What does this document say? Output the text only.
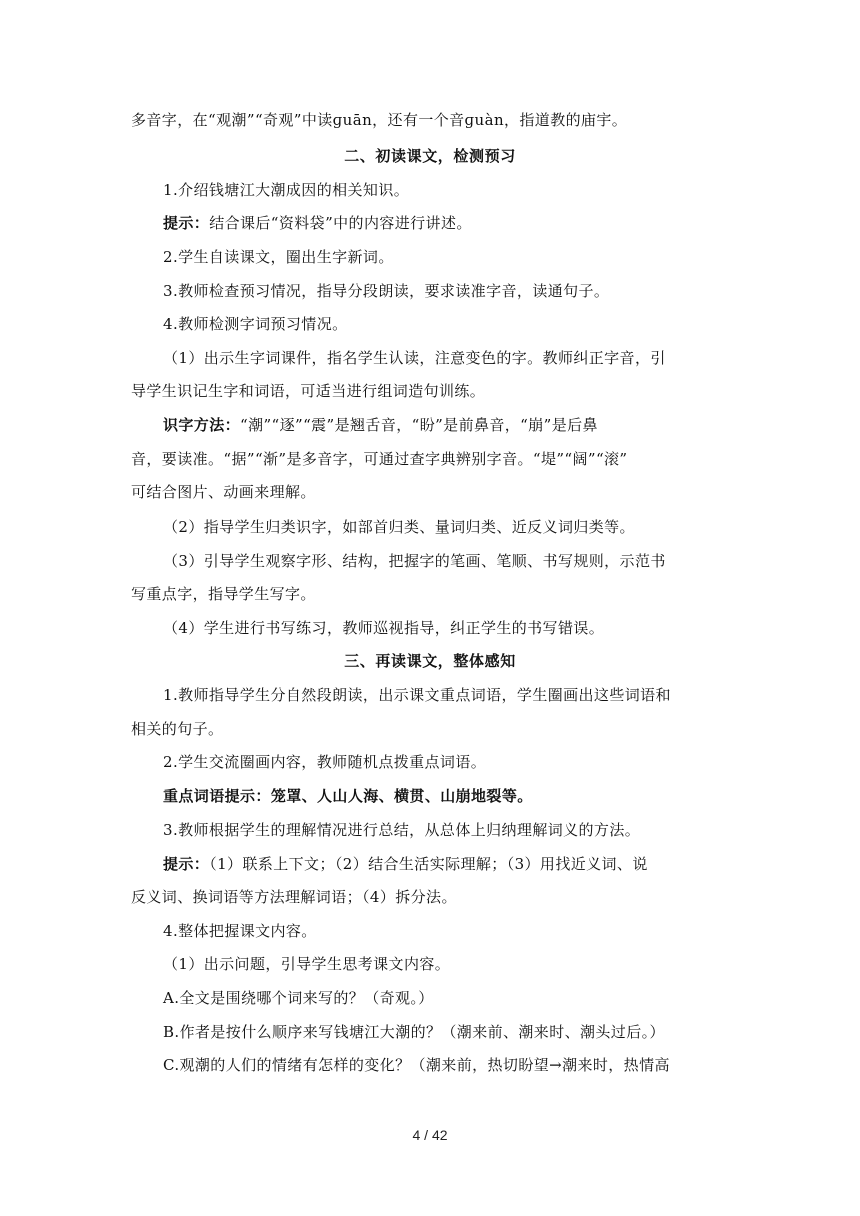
多音字，在“观潮”“奇观”中读ɡuān，还有一个音ɡuàn，指道教的庙宇。
二、初读课文，检测预习
1.介绍钱塘江大潮成因的相关知识。
提示：结合课后“资料袋”中的内容进行讲述。
2.学生自读课文，圈出生字新词。
3.教师检查预习情况，指导分段朗读，要求读准字音，读通句子。
4.教师检测字词预习情况。
（1）出示生字词课件，指名学生认读，注意变色的字。教师纠正字音，引
导学生识记生字和词语，可适当进行组词造句训练。
识字方法：“潮”“逐”“震”是翘舌音，“盼”是前鼻音，“崩”是后鼻
音，要读准。“据”“渐”是多音字，可通过查字典辨别字音。“堤”“阔”“滚”
可结合图片、动画来理解。
（2）指导学生归类识字，如部首归类、量词归类、近反义词归类等。
（3）引导学生观察字形、结构，把握字的笔画、笔顺、书写规则，示范书
写重点字，指导学生写字。
（4）学生进行书写练习，教师巡视指导，纠正学生的书写错误。
三、再读课文，整体感知
1.教师指导学生分自然段朗读，出示课文重点词语，学生圈画出这些词语和
相关的句子。
2.学生交流圈画内容，教师随机点拨重点词语。
重点词语提示：笼罩、人山人海、横贯、山崩地裂等。
3.教师根据学生的理解情况进行总结，从总体上归纳理解词义的方法。
提示：（1）联系上下文；（2）结合生活实际理解；（3）用找近义词、说
反义词、换词语等方法理解词语；（4）拆分法。
4.整体把握课文内容。
（1）出示问题，引导学生思考课文内容。
A.全文是围绕哪个词来写的？（奇观。）
B.作者是按什么顺序来写钱塘江大潮的？（潮来前、潮来时、潮头过后。）
C.观潮的人们的情绪有怎样的变化？（潮来前，热切盼望→潮来时，热情高
4 / 42
